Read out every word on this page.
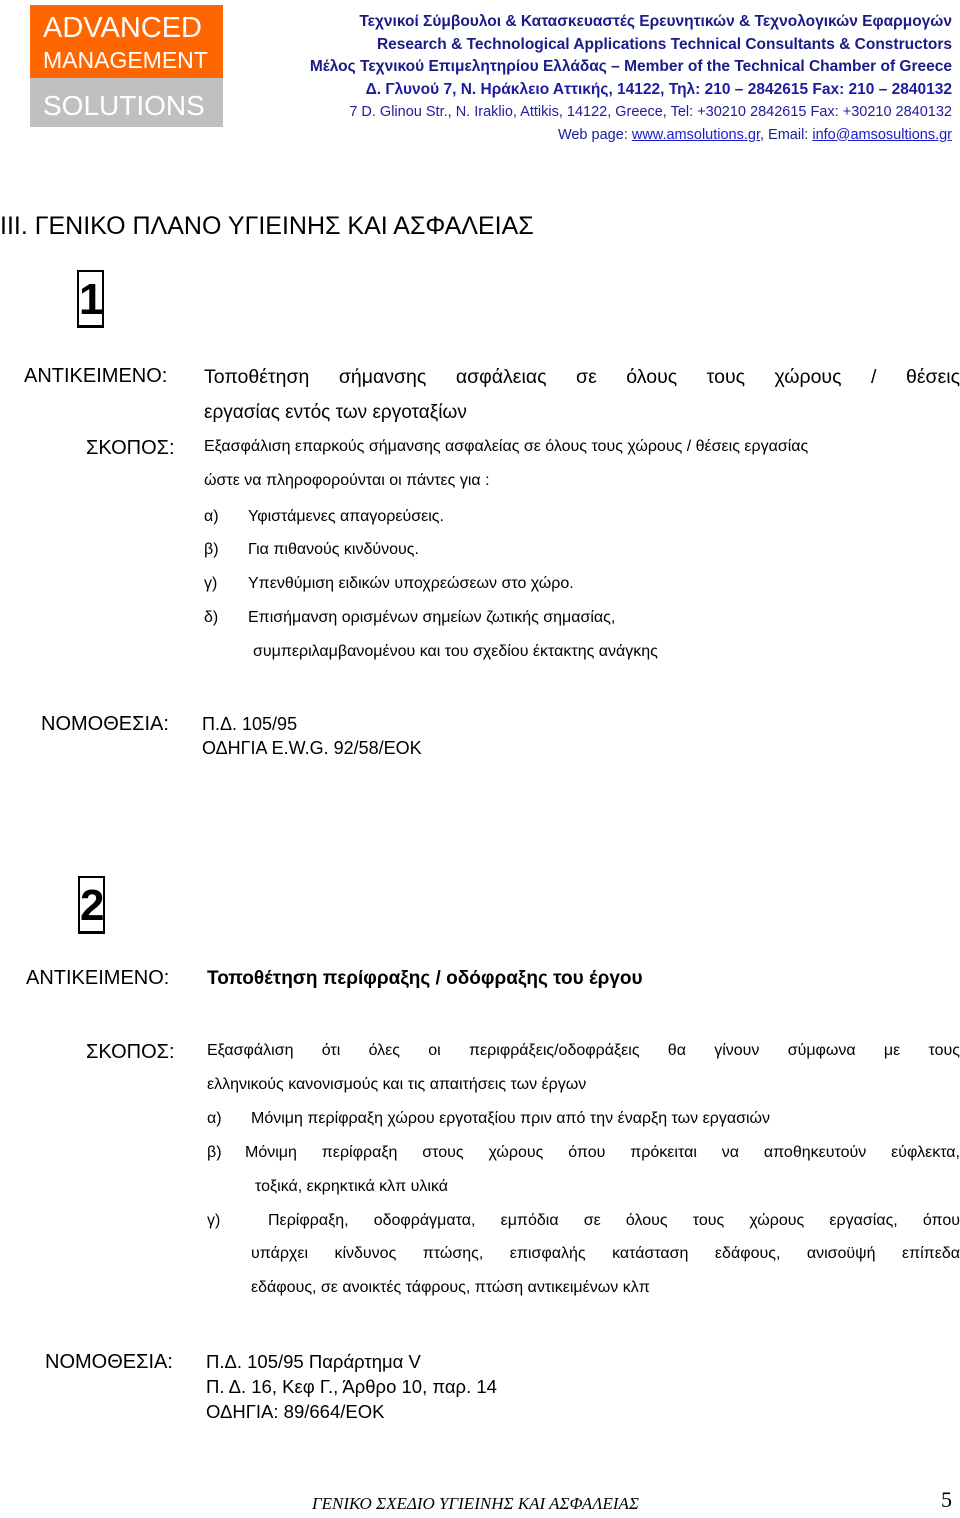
ADVANCED
MANAGEMENT
SOLUTIONS
Τεχνικοί Σύμβουλοι & Κατασκευαστές Ερευνητικών & Τεχνολογικών Εφαρμογών
Research & Technological Applications Technical Consultants & Constructors
Μέλος Τεχνικού Επιμελητηρίου Ελλάδας – Member of the Technical Chamber of Greece
Δ. Γλυνού 7, Ν. Ηράκλειο Αττικής, 14122, Τηλ: 210 – 2842615 Fax: 210 – 2840132
7 D. Glinou Str., N. Iraklio, Attikis, 14122, Greece, Tel: +30210 2842615 Fax: +30210 2840132
Web page: www.amsolutions.gr, Email: info@amsosultions.gr
III. ΓΕΝΙΚΟ ΠΛΑΝΟ ΥΓΙΕΙΝΗΣ ΚΑΙ ΑΣΦΑΛΕΙΑΣ
1
ΑΝΤΙΚΕΙΜΕΝΟ: Τοποθέτηση σήμανσης ασφάλειας σε όλους τους χώρους / θέσεις
εργασίας εντός των εργοταξίων
ΣΚΟΠΟΣ: Εξασφάλιση επαρκούς σήμανσης ασφαλείας σε όλους τους χώρους / θέσεις εργασίας
ώστε να πληροφορούνται οι πάντες για :
α) Υφιστάμενες απαγορεύσεις.
β) Για πιθανούς κινδύνους.
γ) Υπενθύμιση ειδικών υποχρεώσεων στο χώρο.
δ) Επισήμανση ορισμένων σημείων ζωτικής σημασίας,
συμπεριλαμβανομένου και του σχεδίου έκτακτης ανάγκης
ΝΟΜΟΘΕΣΙΑ: Π.Δ. 105/95
ΟΔΗΓΙΑ Ε.W.G. 92/58/ΕΟΚ
2
ΑΝΤΙΚΕΙΜΕΝΟ: Τοποθέτηση περίφραξης / οδόφραξης του έργου
ΣΚΟΠΟΣ: Εξασφάλιση ότι όλες οι περιφράξεις/οδοφράξεις θα γίνουν σύμφωνα με τους
ελληνικούς κανονισμούς και τις απαιτήσεις των έργων
α) Μόνιμη περίφραξη χώρου εργοταξίου πριν από την έναρξη των εργασιών
β) Μόνιμη περίφραξη στους χώρους όπου πρόκειται να αποθηκευτούν εύφλεκτα,
τοξικά, εκρηκτικά κλπ υλικά
γ)	Περίφραξη, οδοφράγματα, εμπόδια σε όλους τους χώρους εργασίας, όπου
υπάρχει κίνδυνος πτώσης, επισφαλής κατάσταση εδάφους, ανισοϋψή επίπεδα
εδάφους, σε ανοικτές τάφρους, πτώση αντικειμένων κλπ
ΝΟΜΟΘΕΣΙΑ: Π.Δ. 105/95 Παράρτημα V
Π. Δ. 16, Κεφ Γ., Άρθρο 10, παρ. 14
ΟΔΗΓΙΑ: 89/664/ΕΟΚ
ΓΕΝΙΚΟ ΣΧΕΔΙΟ ΥΓΙΕΙΝΗΣ ΚΑΙ ΑΣΦΑΛΕΙΑΣ	5
